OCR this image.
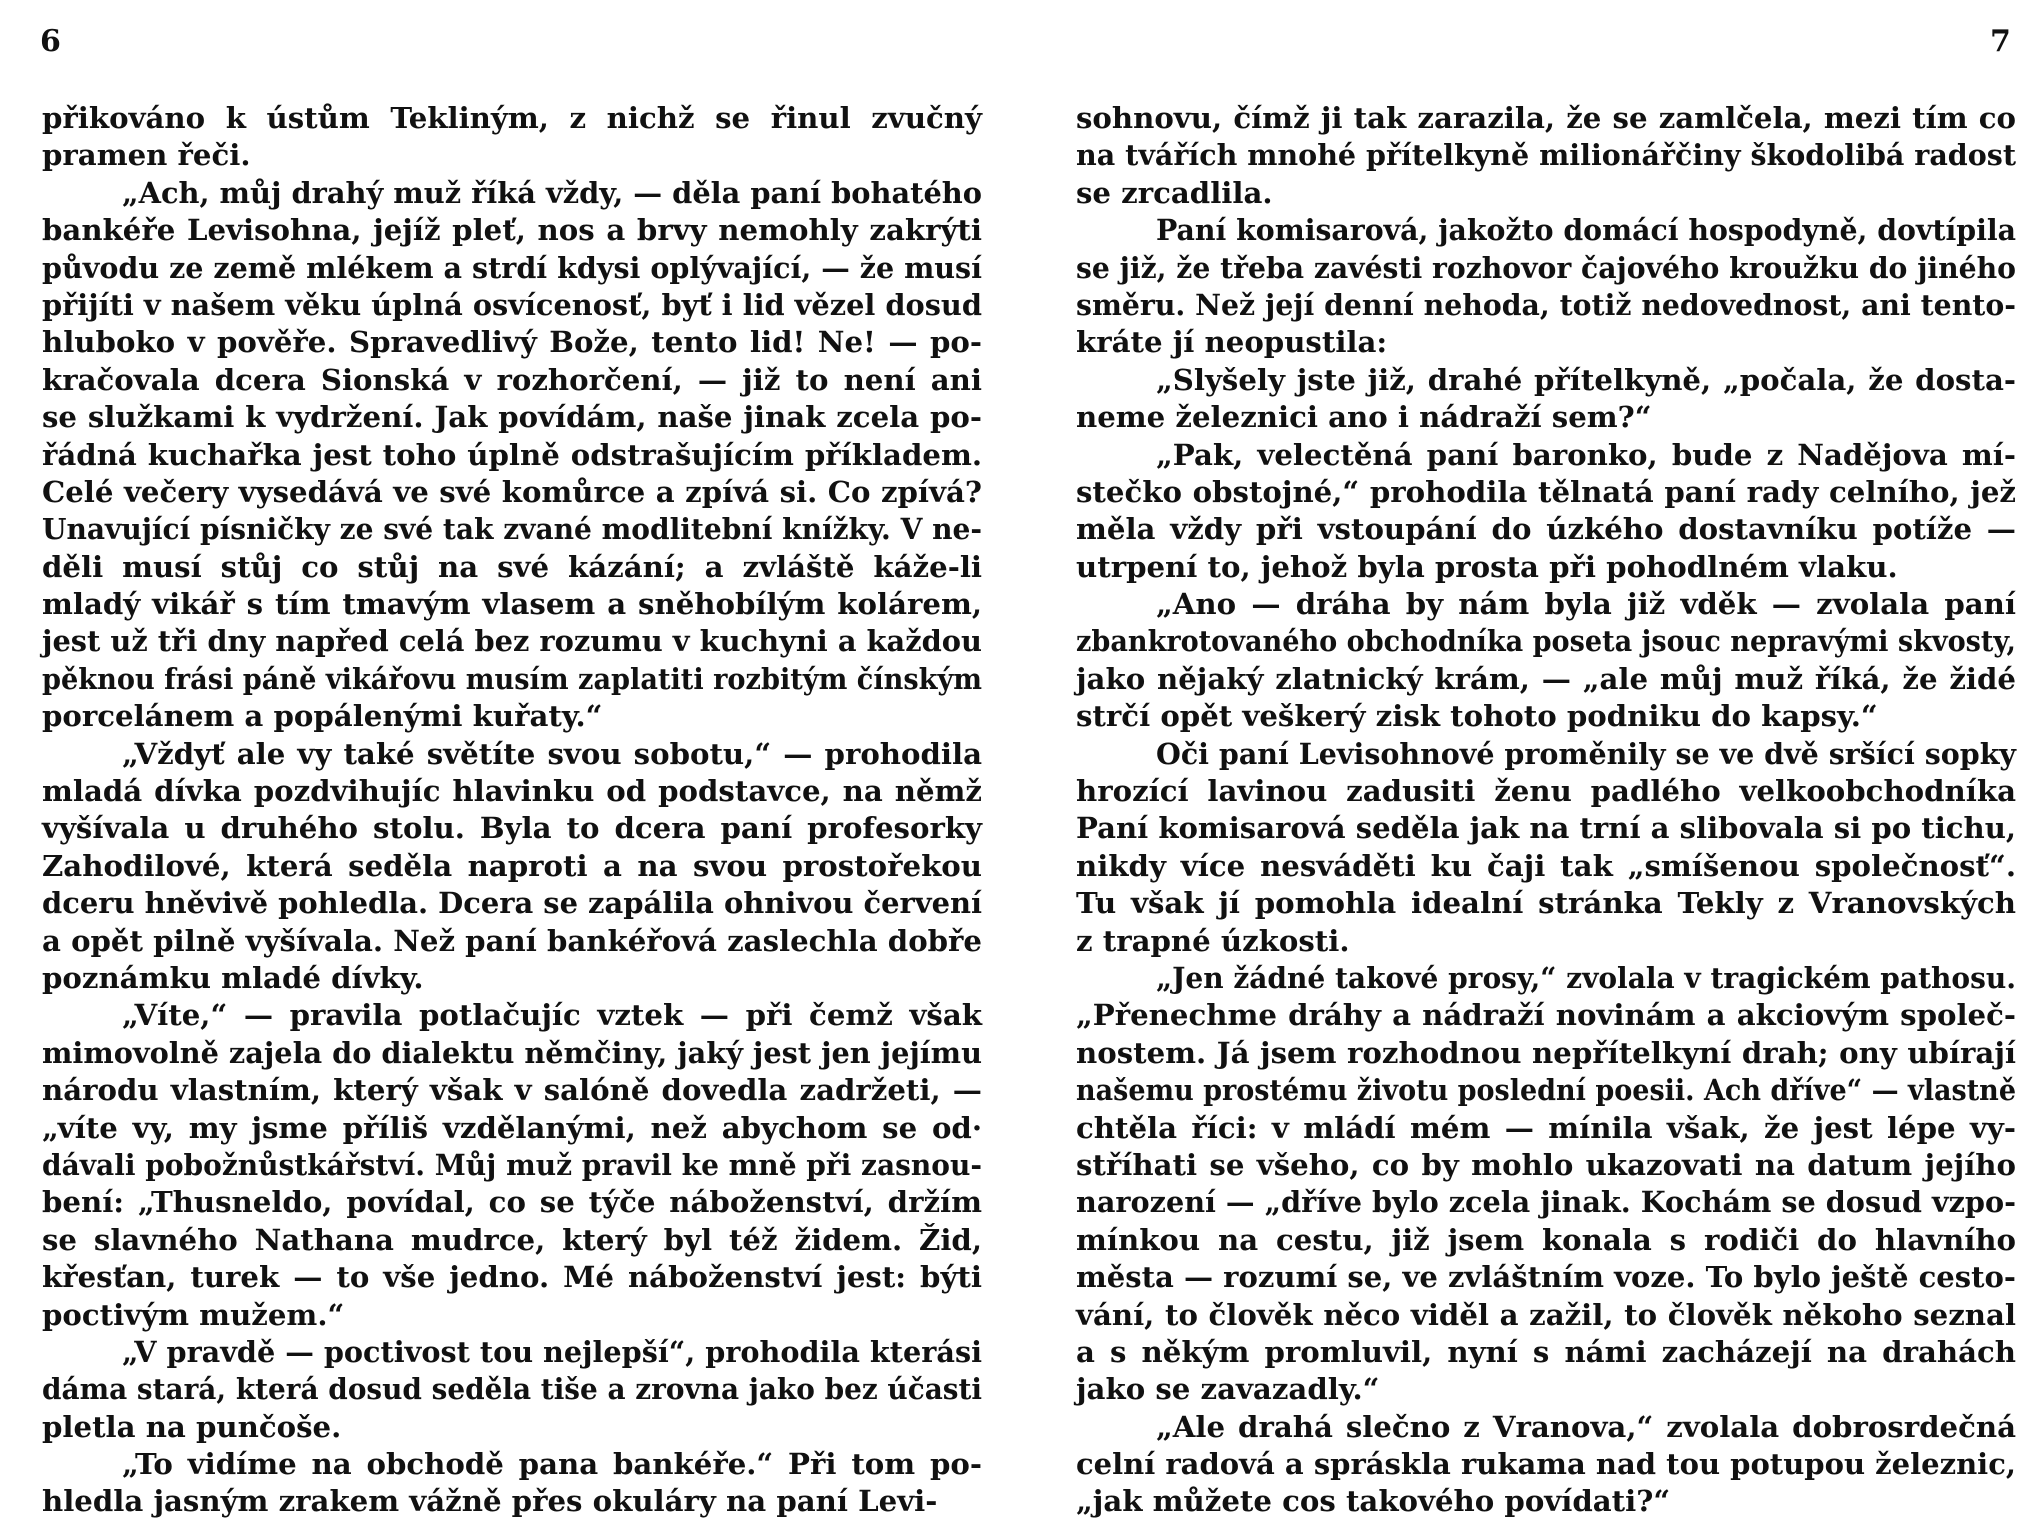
6	7
přikováno k ústům Tekliným, z nichž se řinul zvučný
pramen řeči.
„Ach, můj drahý muž říká vždy, — děla paní bohatého
bankéře Levisohna, jejíž pleť, nos a brvy nemohly zakrýti
původu ze země mlékem a strdí kdysi oplývající, — že musí
přijíti v našem věku úplná osvícenosť, byť i lid vězel dosud
hluboko v pověře. Spravedlivý Bože, tento lid! Ne! — po-
kračovala dcera Sionská v rozhorčení, — již to není ani
se služkami k vydržení. Jak povídám, naše jinak zcela po-
řádná kuchařka jest toho úplně odstrašujícím příkladem.
Celé večery vysedává ve své komůrce a zpívá si. Co zpívá?
Unavující písničky ze své tak zvané modlitební knížky. V ne-
děli musí stůj co stůj na své kázání; a zvláště káže-li
mladý vikář s tím tmavým vlasem a sněhobílým kolárem,
jest už tři dny napřed celá bez rozumu v kuchyni a každou
pěknou frási páně vikářovu musím zaplatiti rozbitým čínským
porcelánem a popálenými kuřaty.“
„Vždyť ale vy také světíte svou sobotu,“ — prohodila
mladá dívka pozdvihujíc hlavinku od podstavce, na němž
vyšívala u druhého stolu. Byla to dcera paní profesorky
Zahodilové, která seděla naproti a na svou prostořekou
dceru hněvivě pohledla. Dcera se zapálila ohnivou červení
a opět pilně vyšívala. Než paní bankéřová zaslechla dobře
poznámku mladé dívky.
„Víte,“ — pravila potlačujíc vztek — při čemž však
mimovolně zajela do dialektu němčiny, jaký jest jen jejímu
národu vlastním, který však v salóně dovedla zadržeti, —
„víte vy, my jsme příliš vzdělanými, než abychom se od·
dávali pobožnůstkářství. Můj muž pravil ke mně při zasnou-
bení: „Thusneldo, povídal, co se týče náboženství, držím
se slavného Nathana mudrce, který byl též židem. Žid,
křesťan, turek — to vše jedno. Mé náboženství jest: býti
poctivým mužem.“
„V pravdě — poctivost tou nejlepší“, prohodila kterási
dáma stará, která dosud seděla tiše a zrovna jako bez účasti
pletla na punčoše.
„To vidíme na obchodě pana bankéře.“ Při tom po-
hledla jasným zrakem vážně přes okuláry na paní Levi-
sohnovu, čímž ji tak zarazila, že se zamlčela, mezi tím co
na tvářích mnohé přítelkyně milionářčiny škodolibá radost
se zrcadlila.
Paní komisarová, jakožto domácí hospodyně, dovtípila
se již, že třeba zavésti rozhovor čajového kroužku do jiného
směru. Než její denní nehoda, totiž nedovednost, ani tento-
kráte jí neopustila:
„Slyšely jste již, drahé přítelkyně, „počala, že dosta-
neme železnici ano i nádraží sem?“
„Pak, velectěná paní baronko, bude z Nadějova mí-
stečko obstojné,“ prohodila tělnatá paní rady celního, jež
měla vždy při vstoupání do úzkého dostavníku potíže —
utrpení to, jehož byla prosta při pohodlném vlaku.
„Ano — dráha by nám byla již vděk — zvolala paní
zbankrotovaného obchodníka poseta jsouc nepravými skvosty,
jako nějaký zlatnický krám, — „ale můj muž říká, že židé
strčí opět veškerý zisk tohoto podniku do kapsy.“
Oči paní Levisohnové proměnily se ve dvě sršící sopky
hrozící lavinou zadusiti ženu padlého velkoobchodníka
Paní komisarová seděla jak na trní a slibovala si po tichu,
nikdy více nesváděti ku čaji tak „smíšenou společnosť“.
Tu však jí pomohla idealní stránka Tekly z Vranovských
z trapné úzkosti.
„Jen žádné takové prosy,“ zvolala v tragickém pathosu.
„Přenechme dráhy a nádraží novinám a akciovým společ-
nostem. Já jsem rozhodnou nepřítelkyní drah; ony ubírají
našemu prostému životu poslední poesii. Ach dříve“ — vlastně
chtěla říci: v mládí mém — mínila však, že jest lépe vy-
stříhati se všeho, co by mohlo ukazovati na datum jejího
narození — „dříve bylo zcela jinak. Kochám se dosud vzpo-
mínkou na cestu, již jsem konala s rodiči do hlavního
města — rozumí se, ve zvláštním voze. To bylo ještě cesto-
vání, to člověk něco viděl a zažil, to člověk někoho seznal
a s někým promluvil, nyní s námi zacházejí na drahách
jako se zavazadly.“
„Ale drahá slečno z Vranova,“ zvolala dobrosrdečná
celní radová a spráskla rukama nad tou potupou železnic,
„jak můžete cos takového povídati?“
